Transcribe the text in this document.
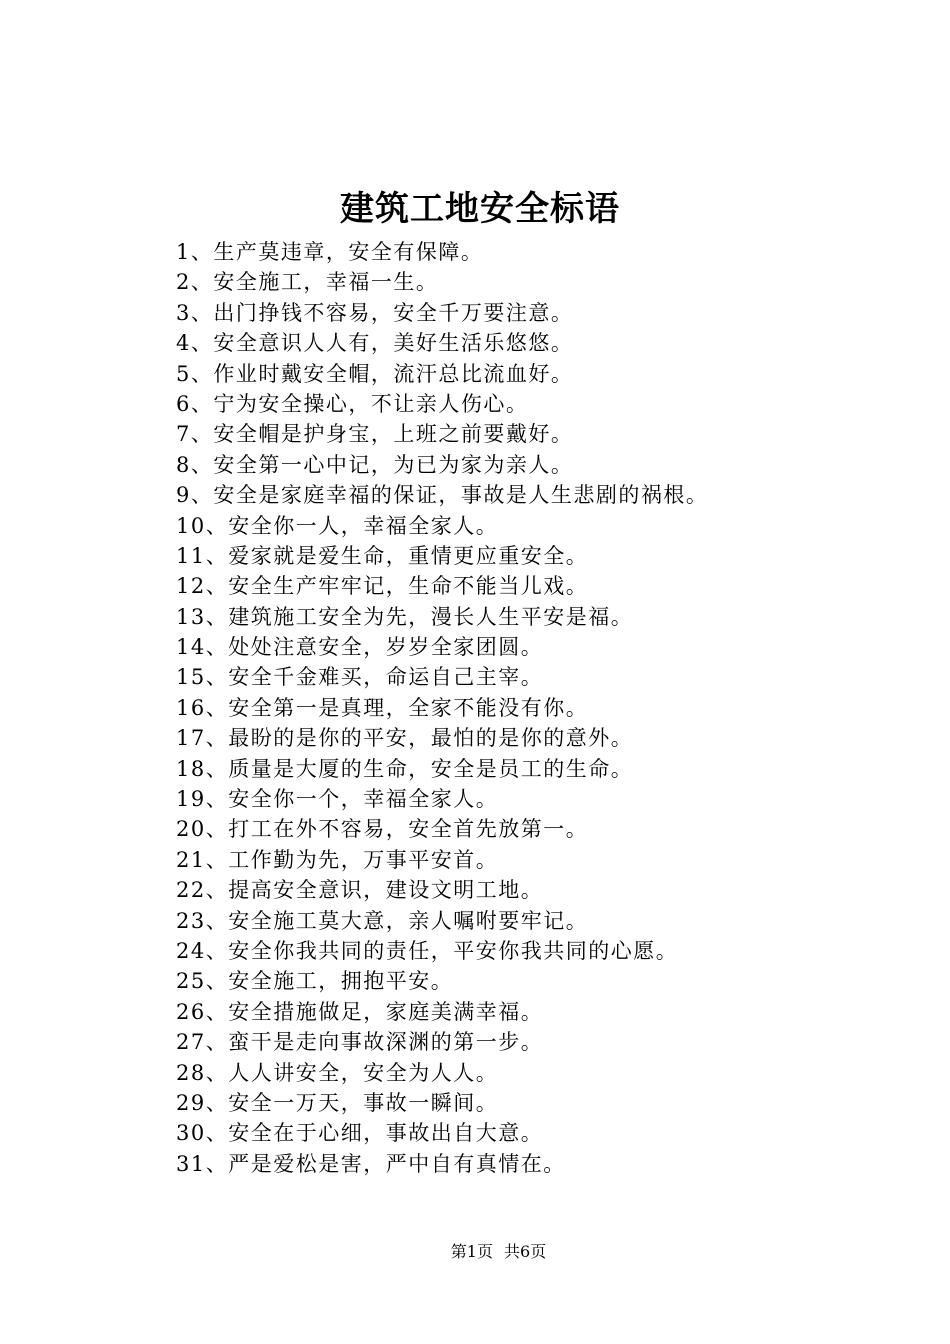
建筑工地安全标语
1、生产莫违章，安全有保障。
2、安全施工，幸福一生。
3、出门挣钱不容易，安全千万要注意。
4、安全意识人人有，美好生活乐悠悠。
5、作业时戴安全帽，流汗总比流血好。
6、宁为安全操心，不让亲人伤心。
7、安全帽是护身宝，上班之前要戴好。
8、安全第一心中记，为已为家为亲人。
9、安全是家庭幸福的保证，事故是人生悲剧的祸根。
10、安全你一人，幸福全家人。
11、爱家就是爱生命，重情更应重安全。
12、安全生产牢牢记，生命不能当儿戏。
13、建筑施工安全为先，漫长人生平安是福。
14、处处注意安全，岁岁全家团圆。
15、安全千金难买，命运自己主宰。
16、安全第一是真理，全家不能没有你。
17、最盼的是你的平安，最怕的是你的意外。
18、质量是大厦的生命，安全是员工的生命。
19、安全你一个，幸福全家人。
20、打工在外不容易，安全首先放第一。
21、工作勤为先，万事平安首。
22、提高安全意识，建设文明工地。
23、安全施工莫大意，亲人嘱咐要牢记。
24、安全你我共同的责任，平安你我共同的心愿。
25、安全施工，拥抱平安。
26、安全措施做足，家庭美满幸福。
27、蛮干是走向事故深渊的第一步。
28、人人讲安全，安全为人人。
29、安全一万天，事故一瞬间。
30、安全在于心细，事故出自大意。
31、严是爱松是害，严中自有真情在。
第1页 共6页
